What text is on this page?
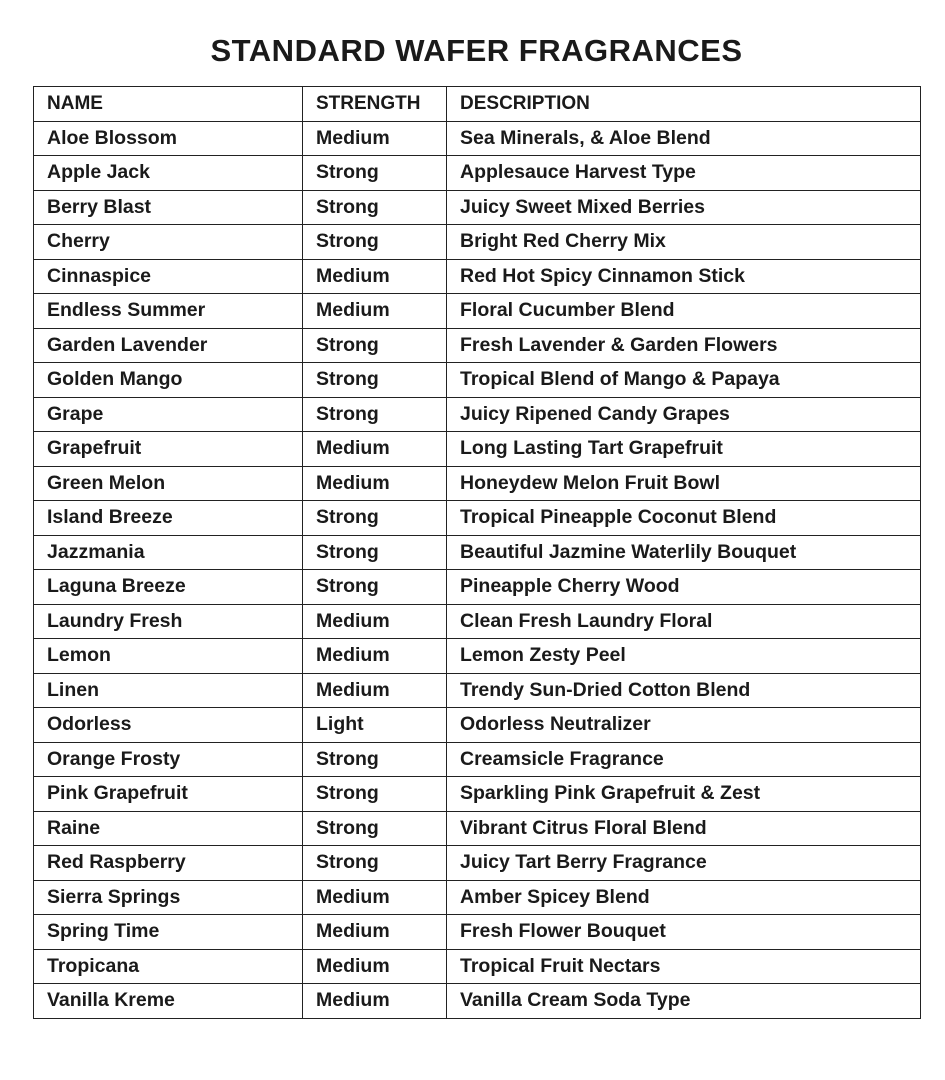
STANDARD WAFER FRAGRANCES
NAME	STRENGTH	DESCRIPTION
Aloe Blossom	Medium	Sea Minerals, & Aloe Blend
Apple Jack	Strong	Applesauce Harvest Type
Berry Blast	Strong	Juicy Sweet Mixed Berries
Cherry	Strong	Bright Red Cherry Mix
Cinnaspice	Medium	Red Hot Spicy Cinnamon Stick
Endless Summer	Medium	Floral Cucumber Blend
Garden Lavender	Strong	Fresh Lavender & Garden Flowers
Golden Mango	Strong	Tropical Blend of Mango & Papaya
Grape	Strong	Juicy Ripened Candy Grapes
Grapefruit	Medium	Long Lasting Tart Grapefruit
Green Melon	Medium	Honeydew Melon Fruit Bowl
Island Breeze	Strong	Tropical Pineapple Coconut Blend
Jazzmania	Strong	Beautiful Jazmine Waterlily Bouquet
Laguna Breeze	Strong	Pineapple Cherry Wood
Laundry Fresh	Medium	Clean Fresh Laundry Floral
Lemon	Medium	Lemon Zesty Peel
Linen	Medium	Trendy Sun-Dried Cotton Blend
Odorless	Light	Odorless Neutralizer
Orange Frosty	Strong	Creamsicle Fragrance
Pink Grapefruit	Strong	Sparkling Pink Grapefruit & Zest
Raine	Strong	Vibrant Citrus Floral Blend
Red Raspberry	Strong	Juicy Tart Berry Fragrance
Sierra Springs	Medium	Amber Spicey Blend
Spring Time	Medium	Fresh Flower Bouquet
Tropicana	Medium	Tropical Fruit Nectars
Vanilla Kreme	Medium	Vanilla Cream Soda Type
